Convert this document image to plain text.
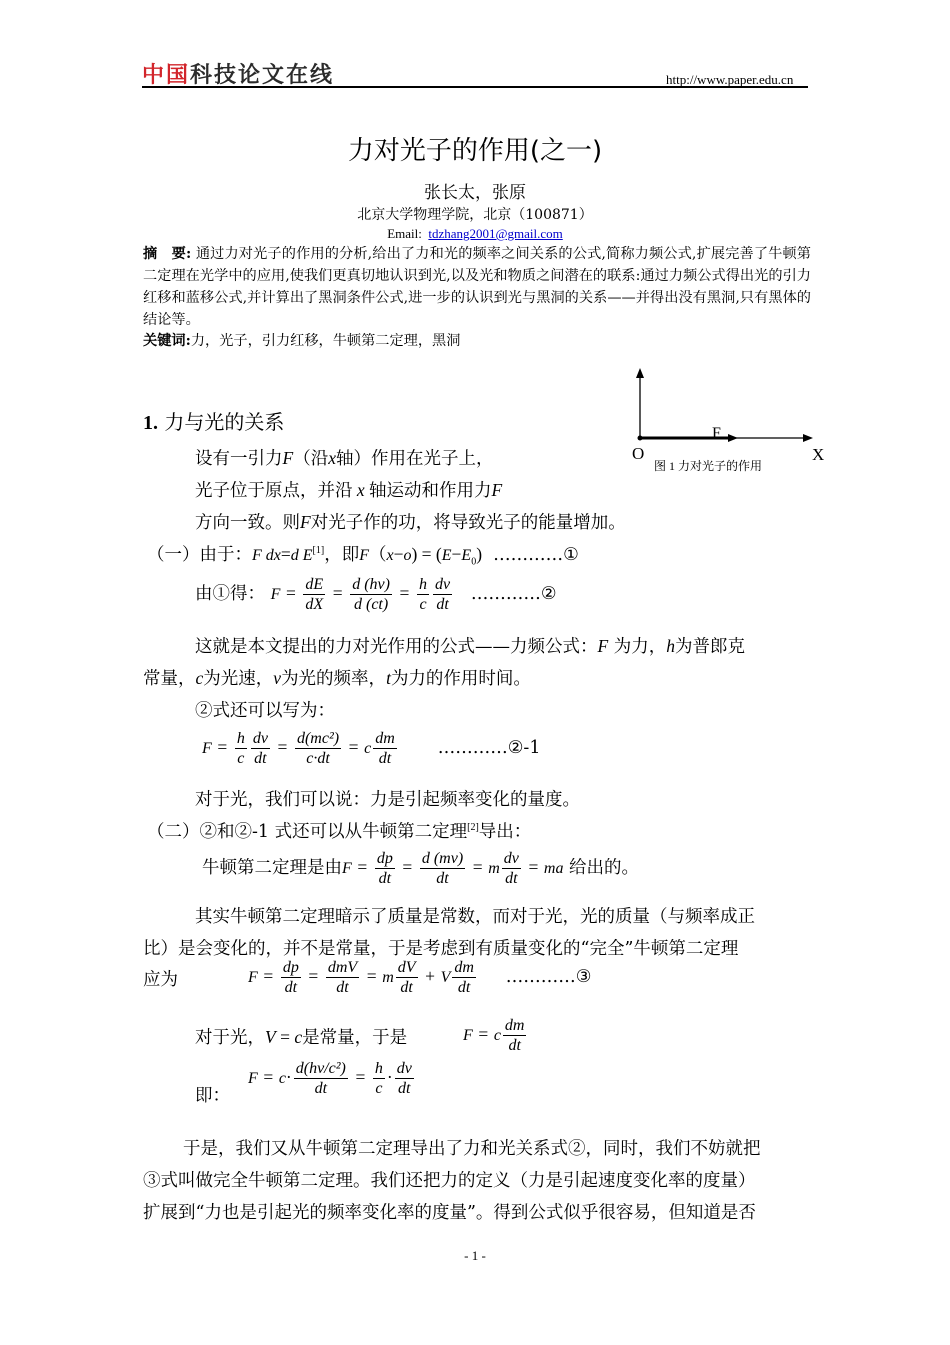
中国科技论文在线	http://www.paper.edu.cn
力对光子的作用(之一)
张长太，张原
北京大学物理学院，北京（100871）
Email: tdzhang2001@gmail.com
摘　要: 通过力对光子的作用的分析,给出了力和光的频率之间关系的公式,简称力频公式,扩展完善了牛顿第二定理在光学中的应用,使我们更真切地认识到光,以及光和物质之间潜在的联系:通过力频公式得出光的引力红移和蓝移公式,并计算出了黑洞条件公式,进一步的认识到光与黑洞的关系——并得出没有黑洞,只有黑体的结论等。
关键词:力，光子，引力红移，牛顿第二定理，黑洞
O
F
X
图 1 力对光子的作用
1. 力与光的关系
设有一引力F（沿x轴）作用在光子上，
光子位于原点，并沿 x 轴运动和作用力F
方向一致。则F对光子作的功，将导致光子的能量增加。
（一）由于：F dx=d E[1]，即$F(x-o) = (E-E_0)$ …………①
由①得： $F = \frac{dE}{dX} = \frac{d (h\nu)}{d (ct)} = \frac{h}{c} \frac{d\nu}{dt}$ …………②
这就是本文提出的力对光作用的公式——力频公式：F 为力，h为普郎克
常量，c为光速，ν为光的频率，t为力的作用时间。
②式还可以写为：
$F = \frac{h}{c} \frac{d\nu}{dt} = \frac{\text{d(mc²)}}{c\cdot dt} = c \frac{dm}{dt}$ …………②-1
对于光，我们可以说：力是引起频率变化的量度。
（二）②和②-1 式还可以从牛顿第二定理[2]导出：
牛顿第二定理是由$F = \frac{dp}{dt} = \frac{d (mv)}{dt} = m \frac{dv}{dt}$ = ma 给出的。
其实牛顿第二定理暗示了质量是常数，而对于光，光的质量（与频率成正
比）是会变化的，并不是常量，于是考虑到有质量变化的“完全”牛顿第二定理
应为	$F = \frac{dp}{dt} = \frac{\text{dmV}}{dt} = m \frac{dV}{dt} + V \frac{dm}{dt}$ …………③
对于光，V = c是常量，于是	F = c $\frac{dm}{dt}$
即：
$F = c\cdot \frac{\text{d(hν/c²)}}{dt} = \frac{h}{c} \cdot \frac{d\nu}{dt}$
于是，我们又从牛顿第二定理导出了力和光关系式②，同时，我们不妨就把
③式叫做完全牛顿第二定理。我们还把力的定义（力是引起速度变化率的度量）
扩展到“力也是引起光的频率变化率的度量”。得到公式似乎很容易，但知道是否
- 1 -
